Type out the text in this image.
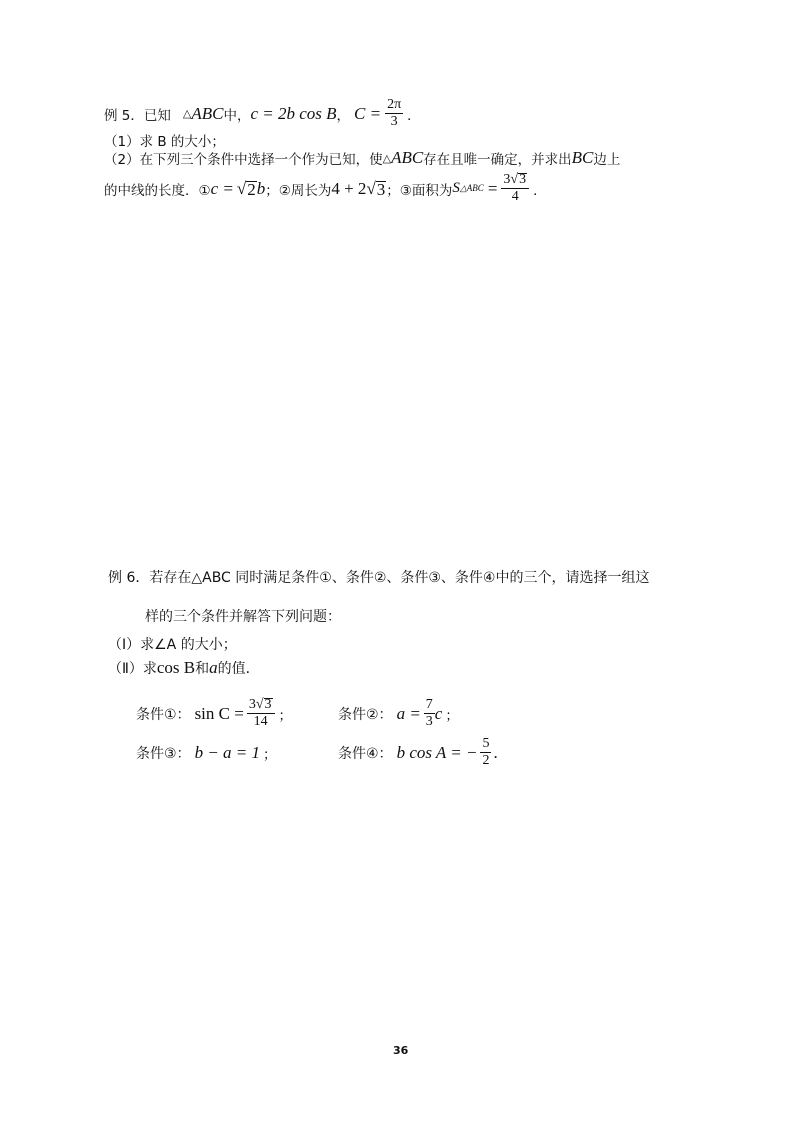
例 5．已知 △ ABC 中， c = 2b cos B ， $C = \frac{2\pi}{3}$ ．
（1）求 B 的大小；
（2）在下列三个条件中选择一个作为已知，使 △ ABC 存在且唯一确定，并求出 BC 边上
的中线的长度．① c = √ 2 b ；②周长为 4 + 2 √ 3 ；③面积为 S △ABC = $\frac{3√3}{4}$ ．
例 6．若存在△ABC 同时满足条件①、条件②、条件③、条件④中的三个，请选择一组这
样的三个条件并解答下列问题：
（Ⅰ）求∠A 的大小；
（Ⅱ）求 cos B 和 a 的值．
条件①： $\sin C = \frac{3√3}{14}$ ；	条件②： $a = \frac{7}{3}$ c ；
条件③： b − a = 1 ；	条件④： b cos A = − $\frac{5}{2}$ .
36
